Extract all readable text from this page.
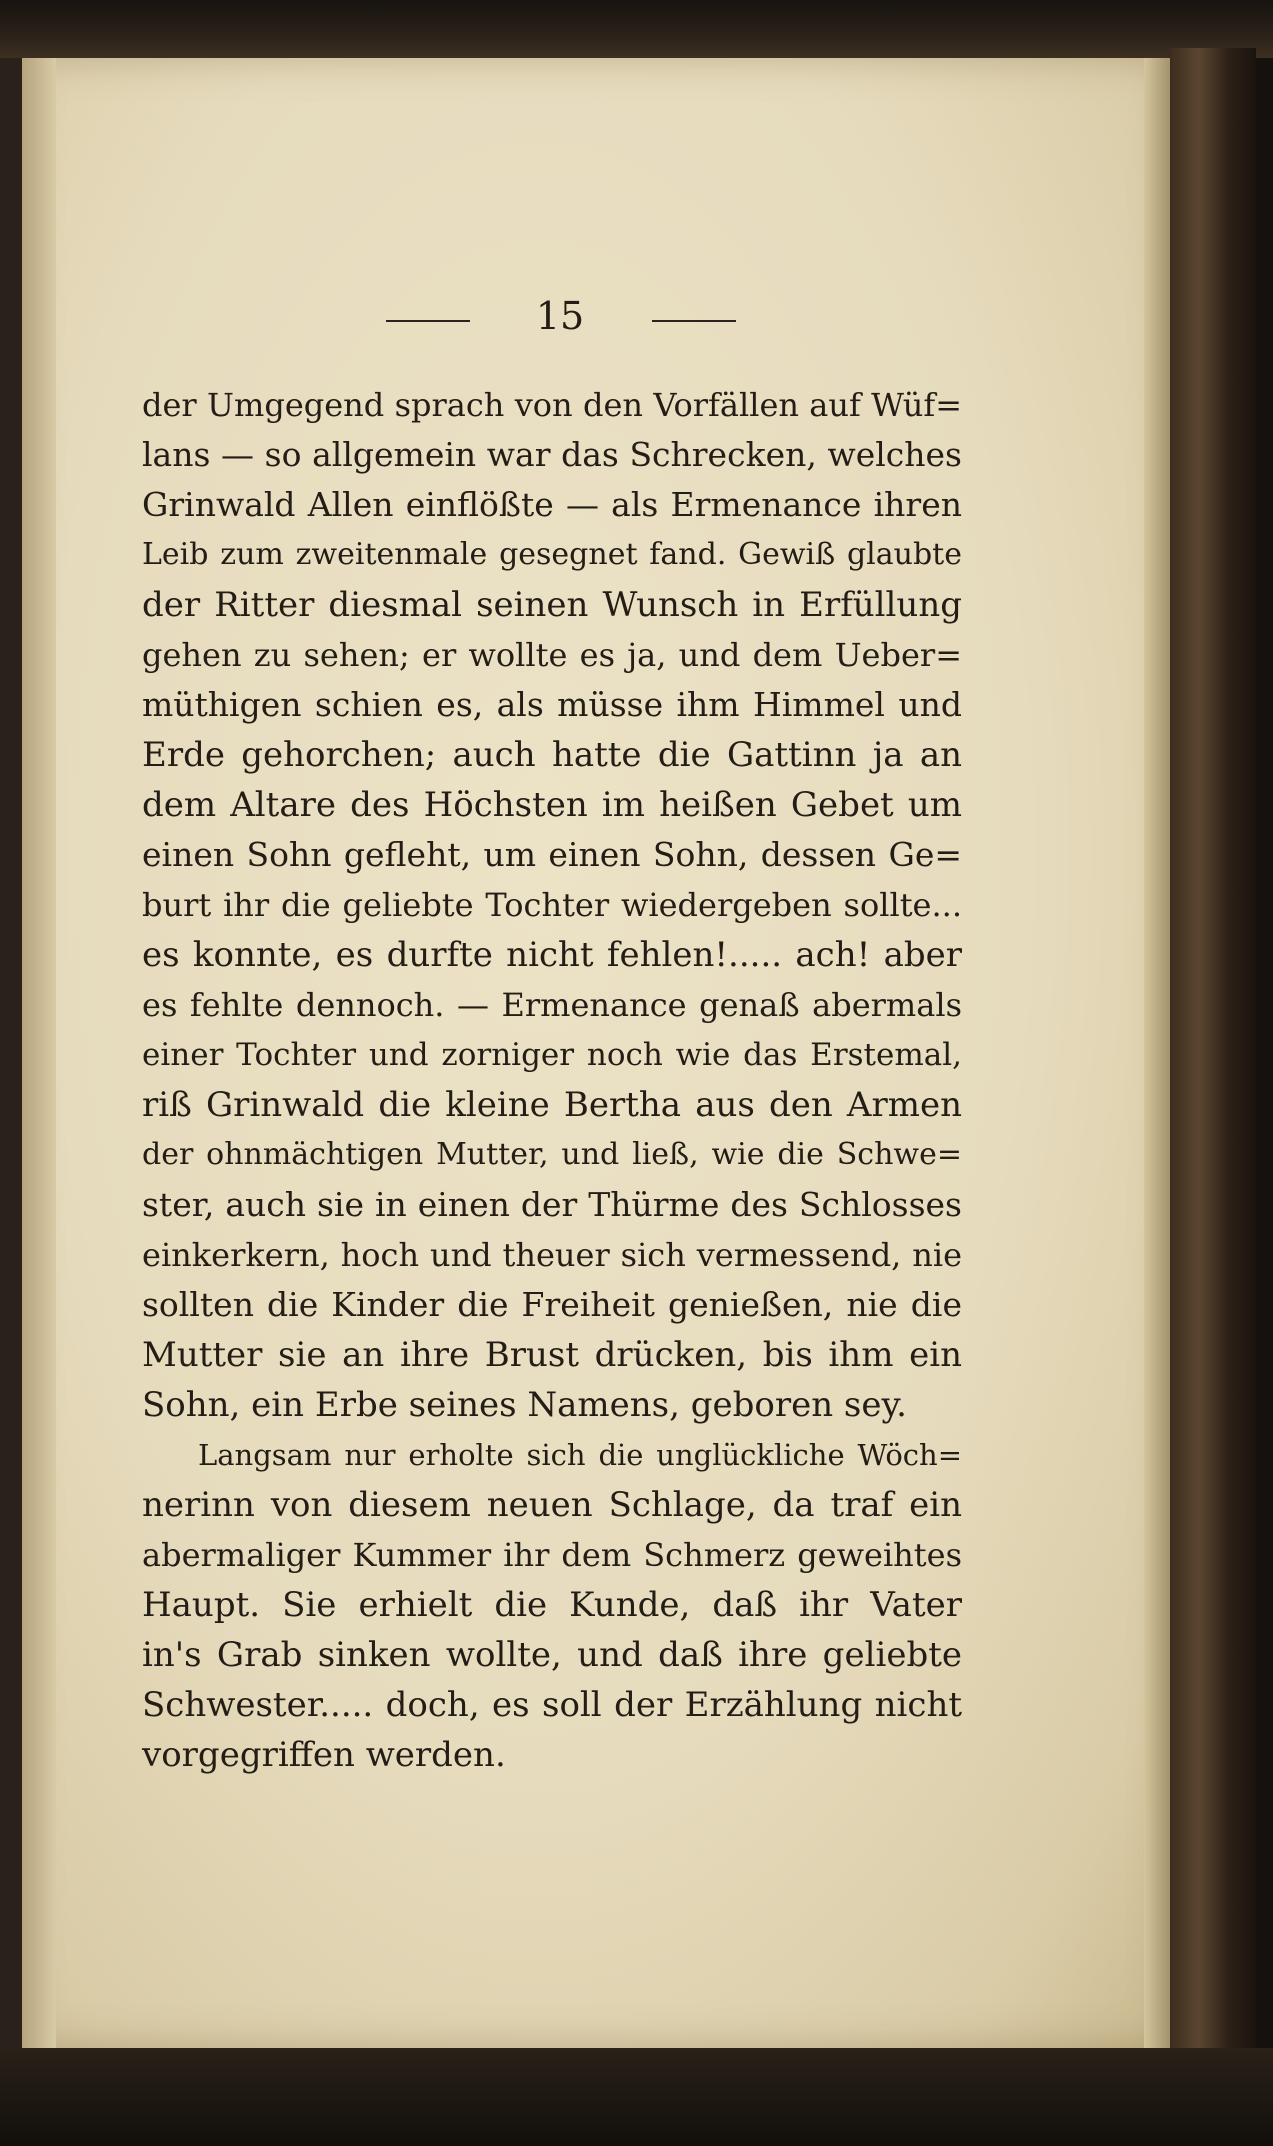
15
der Umgegend sprach von den Vorfällen auf Wüf=
lans — so allgemein war das Schrecken, welches
Grinwald Allen einflößte — als Ermenance ihren
Leib zum zweitenmale gesegnet fand. Gewiß glaubte
der Ritter diesmal seinen Wunsch in Erfüllung
gehen zu sehen; er wollte es ja, und dem Ueber=
müthigen schien es, als müsse ihm Himmel und
Erde gehorchen; auch hatte die Gattinn ja an
dem Altare des Höchsten im heißen Gebet um
einen Sohn gefleht, um einen Sohn, dessen Ge=
burt ihr die geliebte Tochter wiedergeben sollte...
es konnte, es durfte nicht fehlen!..... ach! aber
es fehlte dennoch. — Ermenance genaß abermals
einer Tochter und zorniger noch wie das Erstemal,
riß Grinwald die kleine Bertha aus den Armen
der ohnmächtigen Mutter, und ließ, wie die Schwe=
ster, auch sie in einen der Thürme des Schlosses
einkerkern, hoch und theuer sich vermessend, nie
sollten die Kinder die Freiheit genießen, nie die
Mutter sie an ihre Brust drücken, bis ihm ein
Sohn, ein Erbe seines Namens, geboren sey.
Langsam nur erholte sich die unglückliche Wöch=
nerinn von diesem neuen Schlage, da traf ein
abermaliger Kummer ihr dem Schmerz geweihtes
Haupt. Sie erhielt die Kunde, daß ihr Vater
in's Grab sinken wollte, und daß ihre geliebte
Schwester..... doch, es soll der Erzählung nicht
vorgegriffen werden.
